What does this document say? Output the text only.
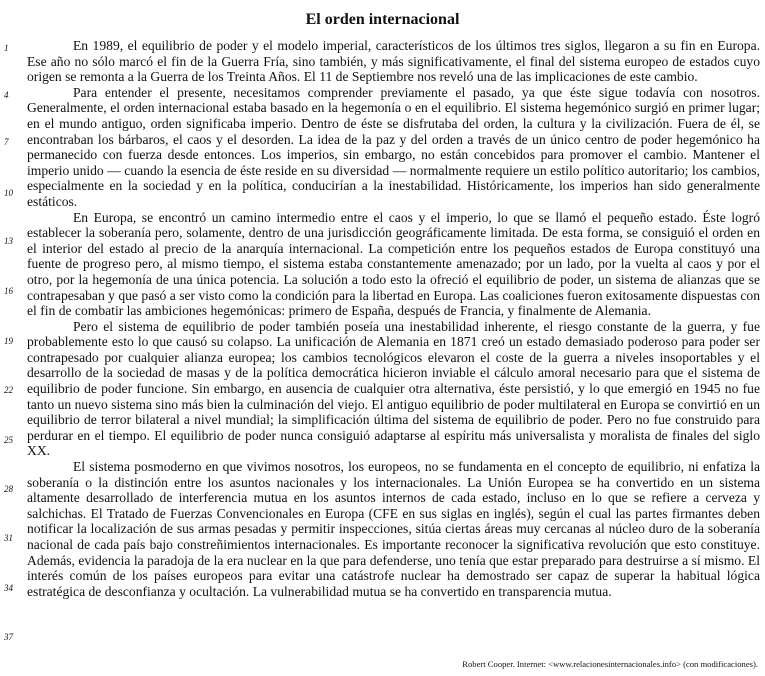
El orden internacional
1
4
7
10
13
16
19
22
25
28
31
34
37

En 1989, el equilibrio de poder y el modelo imperial, característicos de los últimos tres siglos, llegaron a su fin en Europa. Ese año no sólo marcó el fin de la Guerra Fría, sino también, y más significativamente, el final del sistema europeo de estados cuyo origen se remonta a la Guerra de los Treinta Años. El 11 de Septiembre nos reveló una de las implicaciones de este cambio.

Para entender el presente, necesitamos comprender previamente el pasado, ya que éste sigue todavía con nosotros. Generalmente, el orden internacional estaba basado en la hegemonía o en el equilibrio. El sistema hegemónico surgió en primer lugar; en el mundo antiguo, orden significaba imperio. Dentro de éste se disfrutaba del orden, la cultura y la civilización. Fuera de él, se encontraban los bárbaros, el caos y el desorden. La idea de la paz y del orden a través de un único centro de poder hegemónico ha permanecido con fuerza desde entonces. Los imperios, sin embargo, no están concebidos para promover el cambio. Mantener el imperio unido — cuando la esencia de éste reside en su diversidad — normalmente requiere un estilo político autoritario; los cambios, especialmente en la sociedad y en la política, conducirían a la inestabilidad. Históricamente, los imperios han sido generalmente estáticos.

En Europa, se encontró un camino intermedio entre el caos y el imperio, lo que se llamó el pequeño estado. Éste logró establecer la soberanía pero, solamente, dentro de una jurisdicción geográficamente limitada. De esta forma, se consiguió el orden en el interior del estado al precio de la anarquía internacional. La competición entre los pequeños estados de Europa constituyó una fuente de progreso pero, al mismo tiempo, el sistema estaba constantemente amenazado; por un lado, por la vuelta al caos y por el otro, por la hegemonía de una única potencia. La solución a todo esto la ofreció el equilibrio de poder, un sistema de alianzas que se contrapesaban y que pasó a ser visto como la condición para la libertad en Europa. Las coaliciones fueron exitosamente dispuestas con el fin de combatir las ambiciones hegemónicas: primero de España, después de Francia, y finalmente de Alemania.

Pero el sistema de equilibrio de poder también poseía una inestabilidad inherente, el riesgo constante de la guerra, y fue probablemente esto lo que causó su colapso. La unificación de Alemania en 1871 creó un estado demasiado poderoso para poder ser contrapesado por cualquier alianza europea; los cambios tecnológicos elevaron el coste de la guerra a niveles insoportables y el desarrollo de la sociedad de masas y de la política democrática hicieron inviable el cálculo amoral necesario para que el sistema de equilibrio de poder funcione. Sin embargo, en ausencia de cualquier otra alternativa, éste persistió, y lo que emergió en 1945 no fue tanto un nuevo sistema sino más bien la culminación del viejo. El antiguo equilibrio de poder multilateral en Europa se convirtió en un equilibrio de terror bilateral a nivel mundial; la simplificación última del sistema de equilibrio de poder. Pero no fue construido para perdurar en el tiempo. El equilibrio de poder nunca consiguió adaptarse al espíritu más universalista y moralista de finales del siglo XX.

El sistema posmoderno en que vivimos nosotros, los europeos, no se fundamenta en el concepto de equilibrio, ni enfatiza la soberanía o la distinción entre los asuntos nacionales y los internacionales. La Unión Europea se ha convertido en un sistema altamente desarrollado de interferencia mutua en los asuntos internos de cada estado, incluso en lo que se refiere a cerveza y salchichas. El Tratado de Fuerzas Convencionales en Europa (CFE en sus siglas en inglés), según el cual las partes firmantes deben notificar la localización de sus armas pesadas y permitir inspecciones, sitúa ciertas áreas muy cercanas al núcleo duro de la soberanía nacional de cada país bajo constreñimientos internacionales. Es importante reconocer la significativa revolución que esto constituye. Además, evidencia la paradoja de la era nuclear en la que para defenderse, uno tenía que estar preparado para destruirse a sí mismo. El interés común de los países europeos para evitar una catástrofe nuclear ha demostrado ser capaz de superar la habitual lógica estratégica de desconfianza y ocultación. La vulnerabilidad mutua se ha convertido en transparencia mutua.

Robert Cooper. Internet: <www.relacionesinternacionales.info> (con modificaciones).
